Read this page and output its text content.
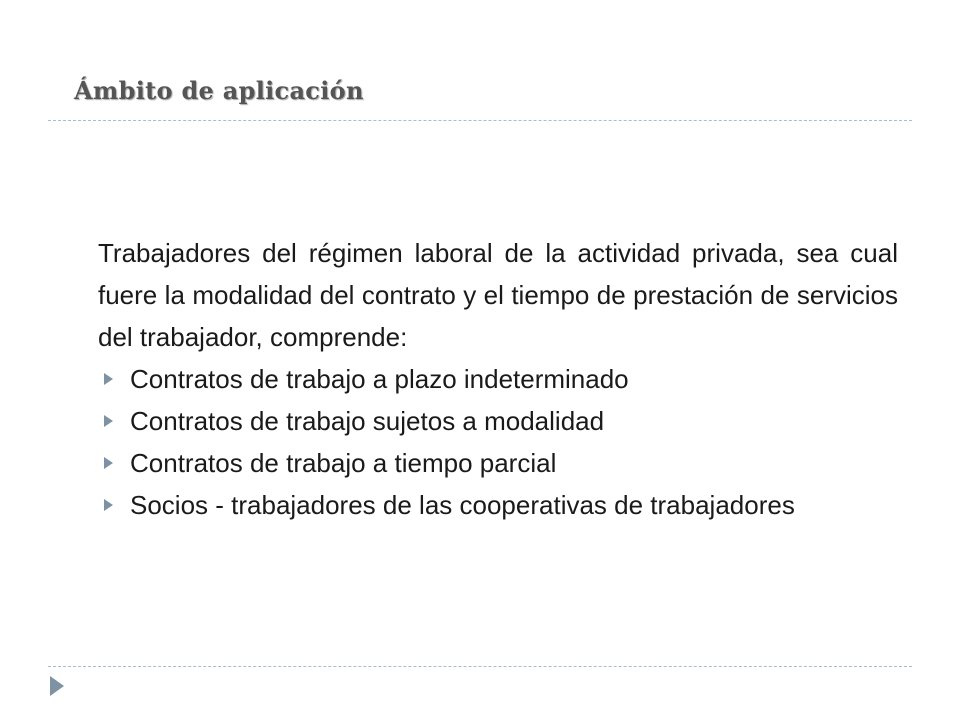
Ámbito de aplicación

Trabajadores del régimen laboral de la actividad privada, sea cual fuere la modalidad del contrato y el tiempo de prestación de servicios del trabajador, comprende:

Contratos de trabajo a plazo indeterminado
Contratos de trabajo sujetos a modalidad
Contratos de trabajo a tiempo parcial
Socios - trabajadores de las cooperativas de trabajadores
